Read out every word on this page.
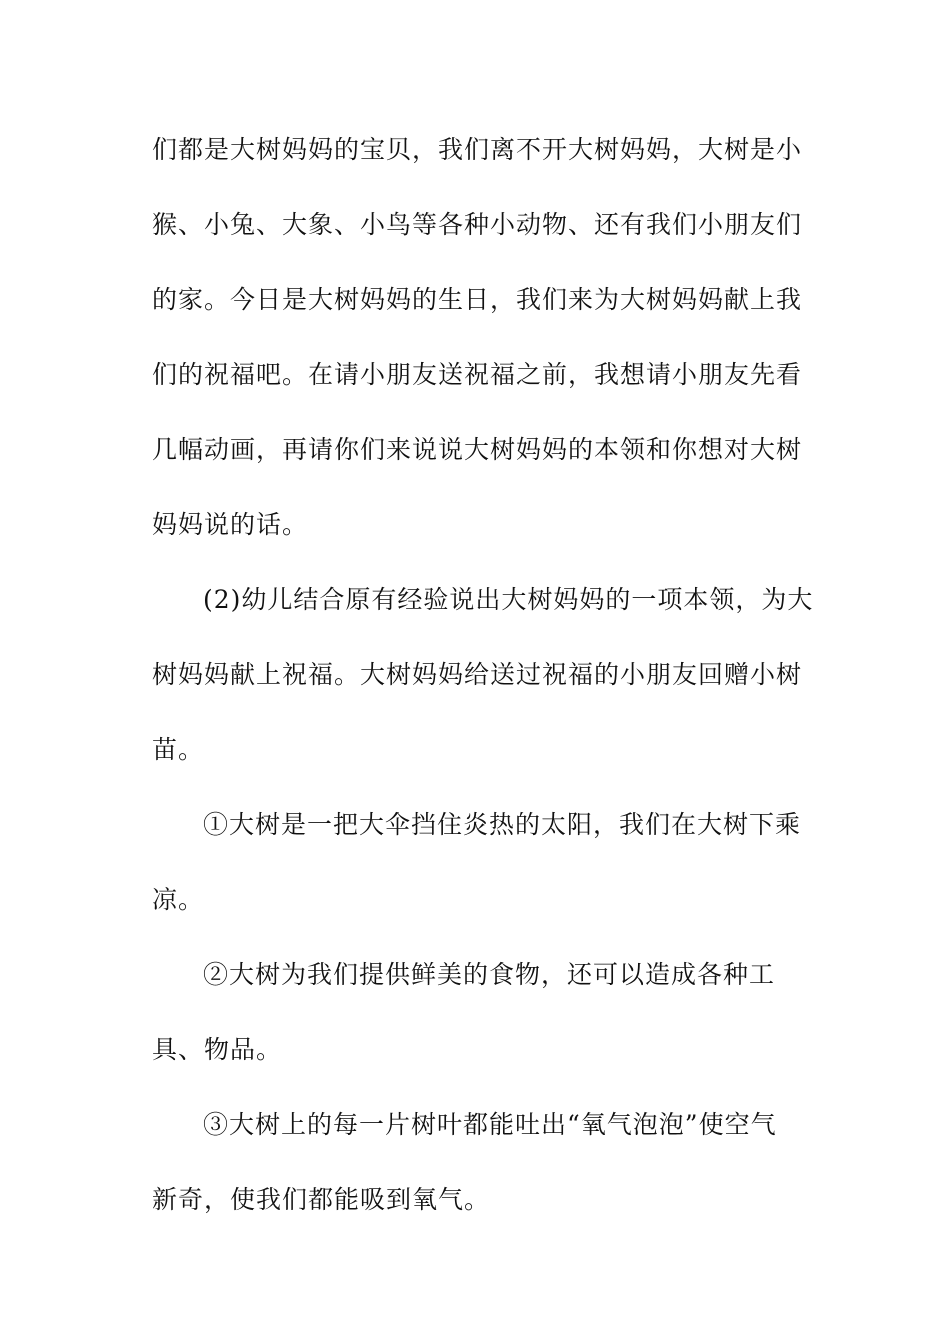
们都是大树妈妈的宝贝，我们离不开大树妈妈，大树是小
猴、小兔、大象、小鸟等各种小动物、还有我们小朋友们
的家。今日是大树妈妈的生日，我们来为大树妈妈献上我
们的祝福吧。在请小朋友送祝福之前，我想请小朋友先看
几幅动画，再请你们来说说大树妈妈的本领和你想对大树
妈妈说的话。
(2)幼儿结合原有经验说出大树妈妈的一项本领，为大
树妈妈献上祝福。大树妈妈给送过祝福的小朋友回赠小树
苗。
①大树是一把大伞挡住炎热的太阳，我们在大树下乘
凉。
②大树为我们提供鲜美的食物，还可以造成各种工
具、物品。
③大树上的每一片树叶都能吐出“氧气泡泡”使空气
新奇，使我们都能吸到氧气。
